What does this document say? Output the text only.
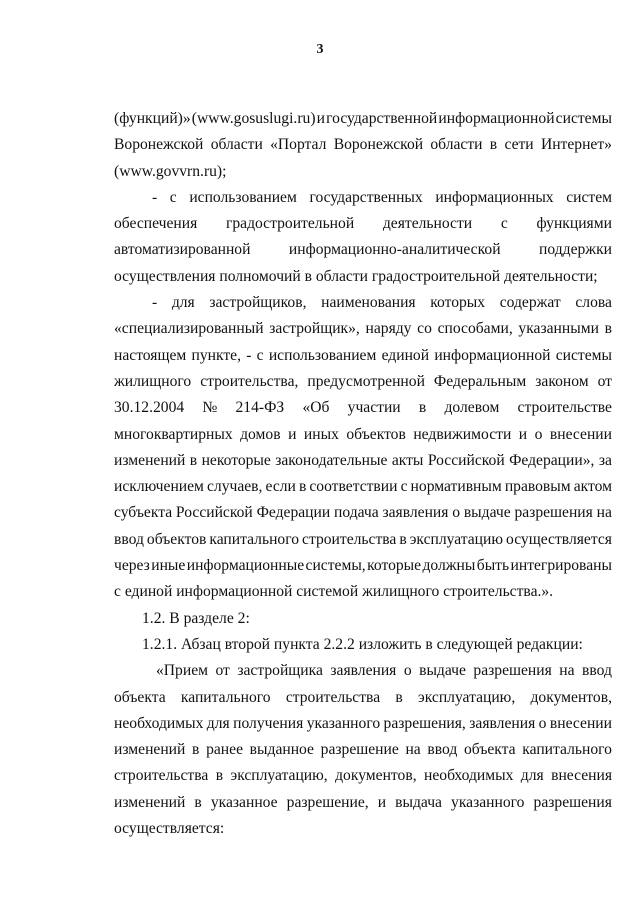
3
(функций)» (www.gosuslugi.ru) и государственной информационной системы
Воронежской области «Портал Воронежской области в сети Интернет»
(www.govvrn.ru);
- с использованием государственных информационных систем
обеспечения градостроительной деятельности с функциями
автоматизированной информационно-аналитической поддержки
осуществления полномочий в области градостроительной деятельности;
- для застройщиков, наименования которых содержат слова
«специализированный застройщик», наряду со способами, указанными в
настоящем пункте, - с использованием единой информационной системы
жилищного строительства, предусмотренной Федеральным законом от
30.12.2004 № 214-ФЗ «Об участии в долевом строительстве
многоквартирных домов и иных объектов недвижимости и о внесении
изменений в некоторые законодательные акты Российской Федерации», за
исключением случаев, если в соответствии с нормативным правовым актом
субъекта Российской Федерации подача заявления о выдаче разрешения на
ввод объектов капитального строительства в эксплуатацию осуществляется
через иные информационные системы, которые должны быть интегрированы
с единой информационной системой жилищного строительства.».
1.2. В разделе 2:
1.2.1. Абзац второй пункта 2.2.2 изложить в следующей редакции:
«Прием от застройщика заявления о выдаче разрешения на ввод
объекта капитального строительства в эксплуатацию, документов,
необходимых для получения указанного разрешения, заявления о внесении
изменений в ранее выданное разрешение на ввод объекта капитального
строительства в эксплуатацию, документов, необходимых для внесения
изменений в указанное разрешение, и выдача указанного разрешения
осуществляется:
